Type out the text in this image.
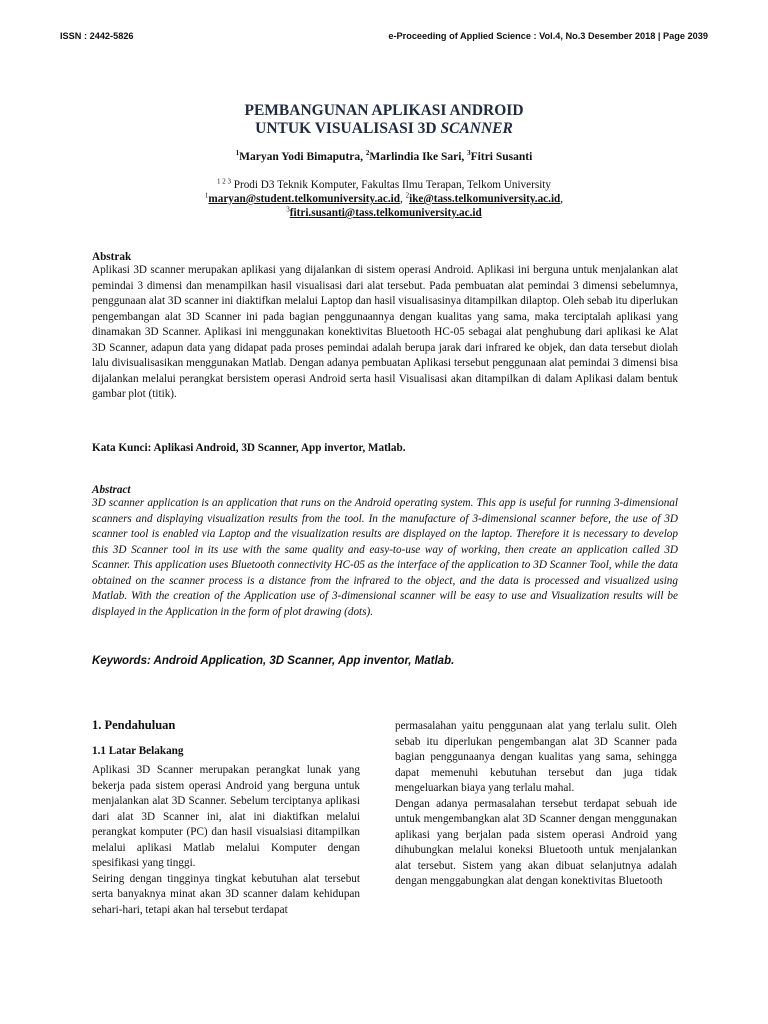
ISSN : 2442-5826	e-Proceeding of Applied Science : Vol.4, No.3 Desember 2018 | Page 2039
PEMBANGUNAN APLIKASI ANDROID
UNTUK VISUALISASI 3D SCANNER
$^1$Maryan Yodi Bimaputra, $^2$Marlindia Ike Sari, $^3$Fitri Susanti
$^{1 2 3}$ Prodi D3 Teknik Komputer, Fakultas Ilmu Terapan, Telkom University
$^1$maryan@student.telkomuniversity.ac.id, $^2$ike@tass.telkomuniversity.ac.id,
$^3$fitri.susanti@tass.telkomuniversity.ac.id
Abstrak
Aplikasi 3D scanner merupakan aplikasi yang dijalankan di sistem operasi Android. Aplikasi ini berguna untuk menjalankan alat pemindai 3 dimensi dan menampilkan hasil visualisasi dari alat tersebut. Pada pembuatan alat pemindai 3 dimensi sebelumnya, penggunaan alat 3D scanner ini diaktifkan melalui Laptop dan hasil visualisasinya ditampilkan dilaptop. Oleh sebab itu diperlukan pengembangan alat 3D Scanner ini pada bagian penggunaannya dengan kualitas yang sama, maka terciptalah aplikasi yang dinamakan 3D Scanner. Aplikasi ini menggunakan konektivitas Bluetooth HC-05 sebagai alat penghubung dari aplikasi ke Alat 3D Scanner, adapun data yang didapat pada proses pemindai adalah berupa jarak dari infrared ke objek, dan data tersebut diolah lalu divisualisasikan menggunakan Matlab. Dengan adanya pembuatan Aplikasi tersebut penggunaan alat pemindai 3 dimensi bisa dijalankan melalui perangkat bersistem operasi Android serta hasil Visualisasi akan ditampilkan di dalam Aplikasi dalam bentuk gambar plot (titik).
Kata Kunci: Aplikasi Android, 3D Scanner, App invertor, Matlab.
Abstract
3D scanner application is an application that runs on the Android operating system. This app is useful for running 3-dimensional scanners and displaying visualization results from the tool. In the manufacture of 3-dimensional scanner before, the use of 3D scanner tool is enabled via Laptop and the visualization results are displayed on the laptop. Therefore it is necessary to develop this 3D Scanner tool in its use with the same quality and easy-to-use way of working, then create an application called 3D Scanner. This application uses Bluetooth connectivity HC-05 as the interface of the application to 3D Scanner Tool, while the data obtained on the scanner process is a distance from the infrared to the object, and the data is processed and visualized using Matlab. With the creation of the Application use of 3-dimensional scanner will be easy to use and Visualization results will be displayed in the Application in the form of plot drawing (dots).
Keywords: Android Application, 3D Scanner, App inventor, Matlab.
1. Pendahuluan
1.1 Latar Belakang

Aplikasi 3D Scanner merupakan perangkat lunak yang bekerja pada sistem operasi Android yang berguna untuk menjalankan alat 3D Scanner. Sebelum terciptanya aplikasi dari alat 3D Scanner ini, alat ini diaktifkan melalui perangkat komputer (PC) dan hasil visualsiasi ditampilkan melalui aplikasi Matlab melalui Komputer dengan spesifikasi yang tinggi.

Seiring dengan tingginya tingkat kebutuhan alat tersebut serta banyaknya minat akan 3D scanner dalam kehidupan sehari-hari, tetapi akan hal tersebut terdapat

permasalahan yaitu penggunaan alat yang terlalu sulit. Oleh sebab itu diperlukan pengembangan alat 3D Scanner pada bagian penggunaanya dengan kualitas yang sama, sehingga dapat memenuhi kebutuhan tersebut dan juga tidak mengeluarkan biaya yang terlalu mahal.

Dengan adanya permasalahan tersebut terdapat sebuah ide untuk mengembangkan alat 3D Scanner dengan menggunakan aplikasi yang berjalan pada sistem operasi Android yang dihubungkan melalui koneksi Bluetooth untuk menjalankan alat tersebut. Sistem yang akan dibuat selanjutnya adalah dengan menggabungkan alat dengan konektivitas Bluetooth
